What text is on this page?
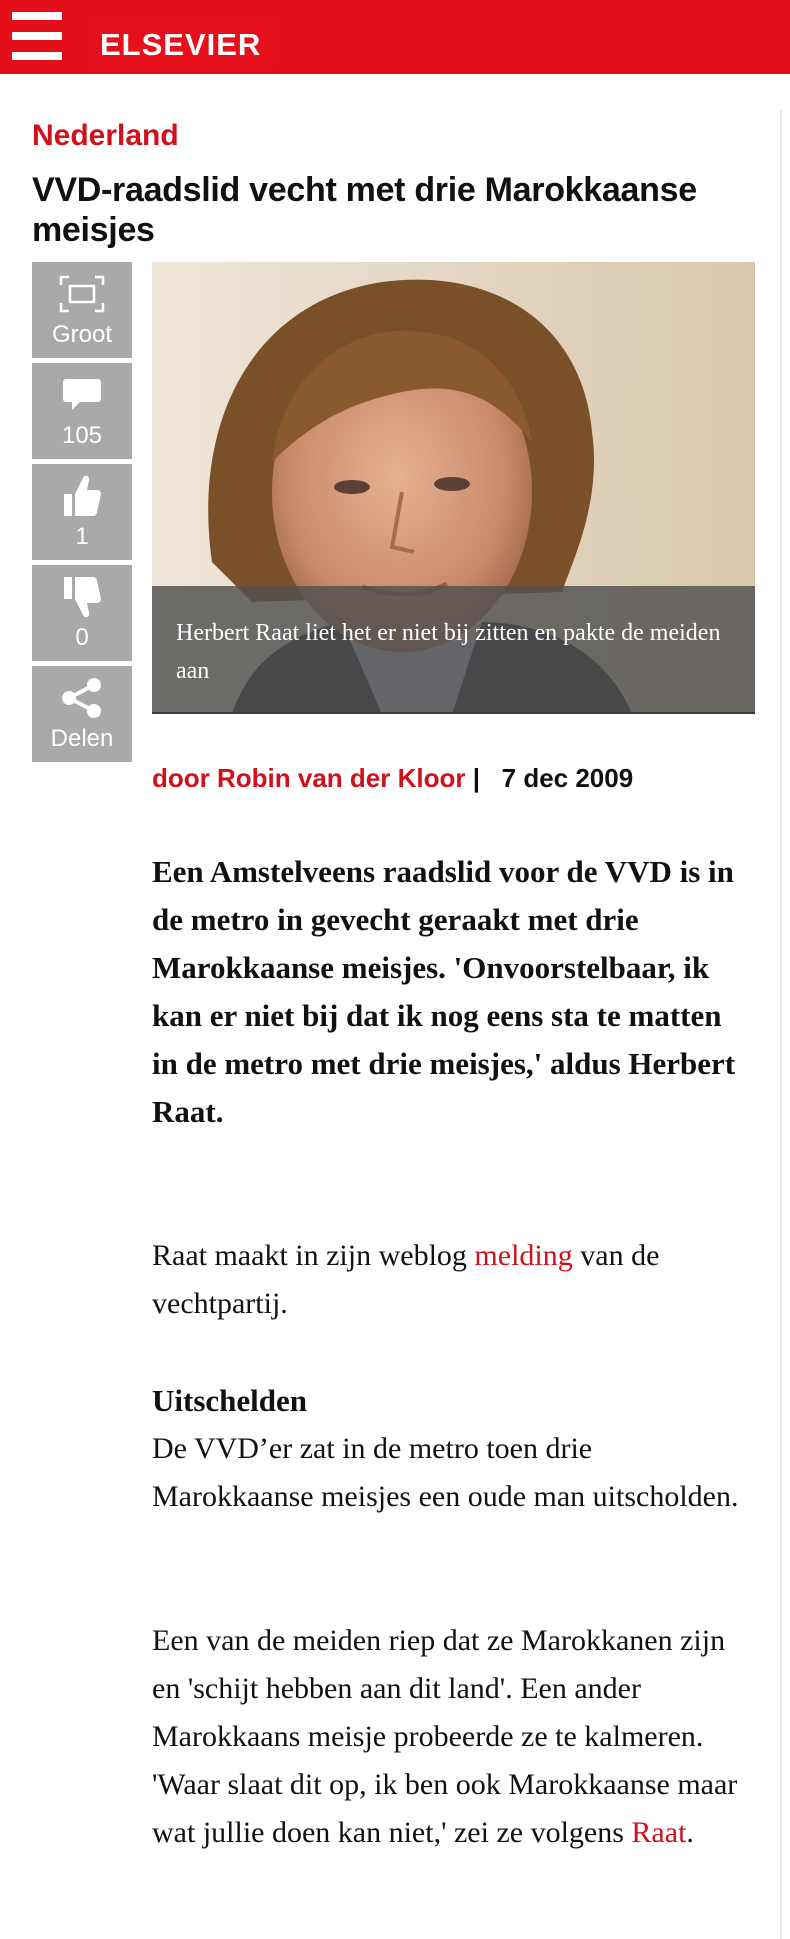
ELSEVIER
Nederland
VVD-raadslid vecht met drie Marokkaanse meisjes
Groot
105
1
0
Delen
Herbert Raat liet het er niet bij zitten en pakte de meiden aan
door Robin van der Kloor | 7 dec 2009
Een Amstelveens raadslid voor de VVD is in de metro in gevecht geraakt met drie Marokkaanse meisjes. 'Onvoorstelbaar, ik kan er niet bij dat ik nog eens sta te matten in de metro met drie meisjes,' aldus Herbert Raat.
Raat maakt in zijn weblog melding van de vechtpartij.
Uitschelden
De VVD’er zat in de metro toen drie Marokkaanse meisjes een oude man uitscholden.
Een van de meiden riep dat ze Marokkanen zijn en 'schijt hebben aan dit land'. Een ander Marokkaans meisje probeerde ze te kalmeren. 'Waar slaat dit op, ik ben ook Marokkaanse maar wat jullie doen kan niet,' zei ze volgens Raat.
